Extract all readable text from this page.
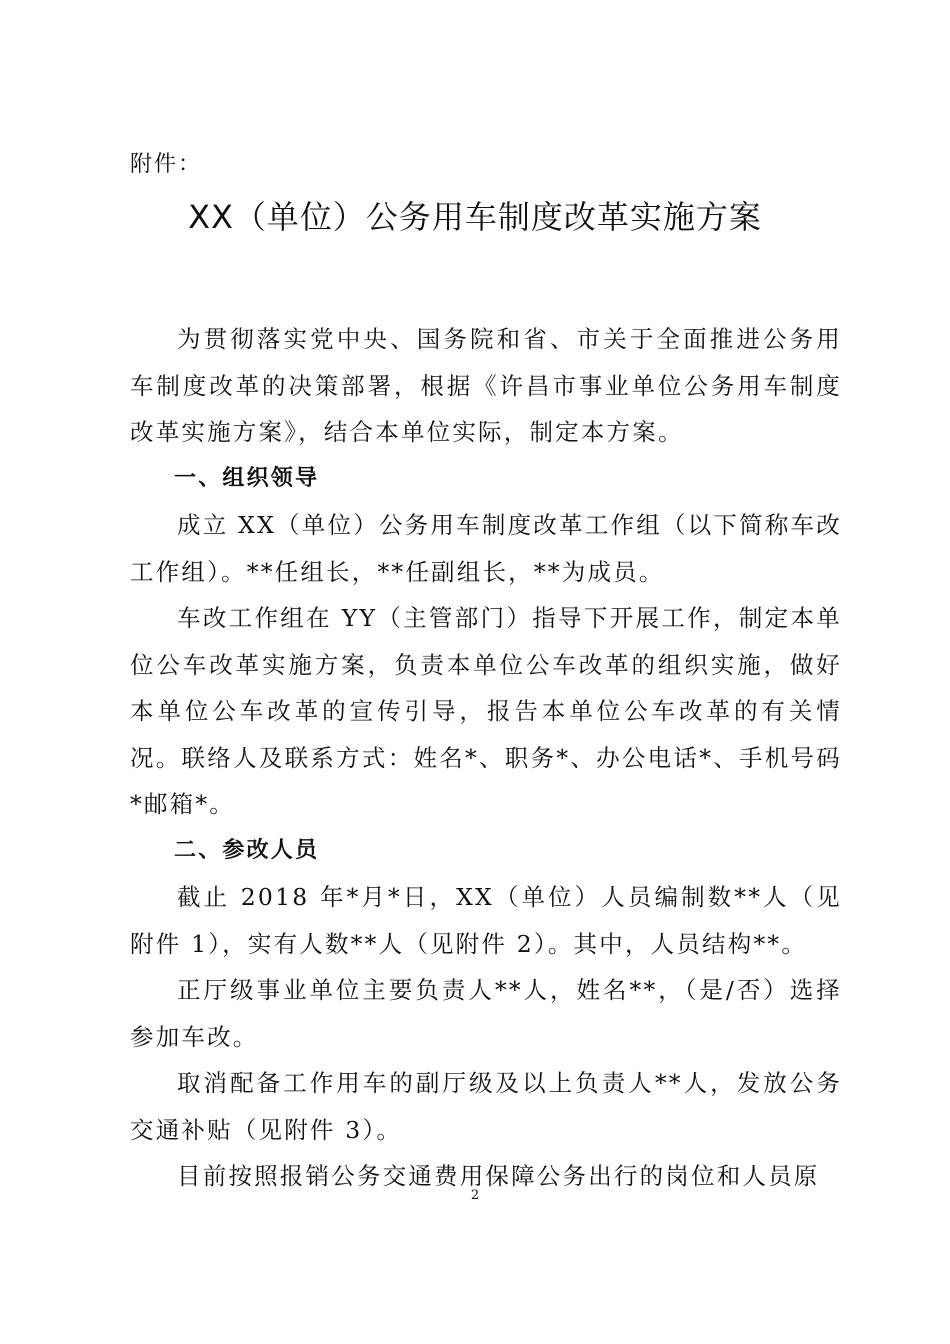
附件：
XX（单位）公务用车制度改革实施方案

为贯彻落实党中央、国务院和省、市关于全面推进公务用车制度改革的决策部署，根据《许昌市事业单位公务用车制度改革实施方案》，结合本单位实际，制定本方案。

一、组织领导

成立 XX（单位）公务用车制度改革工作组（以下简称车改工作组）。**任组长，**任副组长，**为成员。

车改工作组在 YY（主管部门）指导下开展工作，制定本单位公车改革实施方案，负责本单位公车改革的组织实施，做好本单位公车改革的宣传引导，报告本单位公车改革的有关情况。联络人及联系方式：姓名*、职务*、办公电话*、手机号码*邮箱*。

二、参改人员

截止 2018 年*月*日，XX（单位）人员编制数**人（见附件 1），实有人数**人（见附件 2）。其中，人员结构**。

正厅级事业单位主要负责人**人，姓名**，（是/否）选择参加车改。

取消配备工作用车的副厅级及以上负责人**人，发放公务交通补贴（见附件 3）。

目前按照报销公务交通费用保障公务出行的岗位和人员原

2
